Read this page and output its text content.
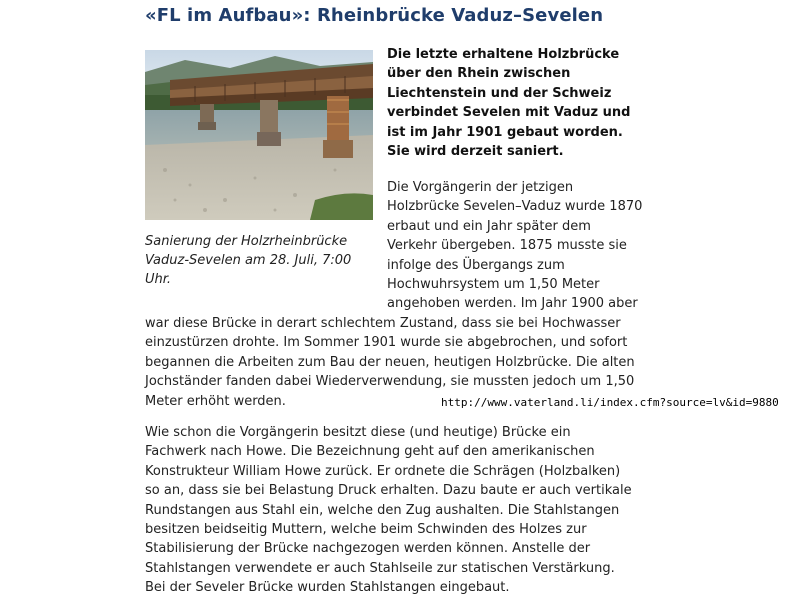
«FL im Aufbau»: Rheinbrücke Vaduz–Sevelen
Sanierung der Holzrheinbrücke
Vaduz-Sevelen am 28. Juli, 7:00
Uhr.
Die letzte erhaltene Holzbrücke
über den Rhein zwischen
Liechtenstein und der Schweiz
verbindet Sevelen mit Vaduz und
ist im Jahr 1901 gebaut worden.
Sie wird derzeit saniert.
Die Vorgängerin der jetzigen
Holzbrücke Sevelen–Vaduz wurde 1870
erbaut und ein Jahr später dem
Verkehr übergeben. 1875 musste sie
infolge des Übergangs zum
Hochwuhrsystem um 1,50 Meter
angehoben werden. Im Jahr 1900 aber
war diese Brücke in derart schlechtem Zustand, dass sie bei Hochwasser
einzustürzen drohte. Im Sommer 1901 wurde sie abgebrochen, und sofort
begannen die Arbeiten zum Bau der neuen, heutigen Holzbrücke. Die alten
Jochständer fanden dabei Wiederverwendung, sie mussten jedoch um 1,50
Meter erhöht werden.	http://www.vaterland.li/index.cfm?source=lv&id=9880
Wie schon die Vorgängerin besitzt diese (und heutige) Brücke ein
Fachwerk nach Howe. Die Bezeichnung geht auf den amerikanischen
Konstrukteur William Howe zurück. Er ordnete die Schrägen (Holzbalken)
so an, dass sie bei Belastung Druck erhalten. Dazu baute er auch vertikale
Rundstangen aus Stahl ein, welche den Zug aushalten. Die Stahlstangen
besitzen beidseitig Muttern, welche beim Schwinden des Holzes zur
Stabilisierung der Brücke nachgezogen werden können. Anstelle der
Stahlstangen verwendete er auch Stahlseile zur statischen Verstärkung.
Bei der Seveler Brücke wurden Stahlstangen eingebaut.
